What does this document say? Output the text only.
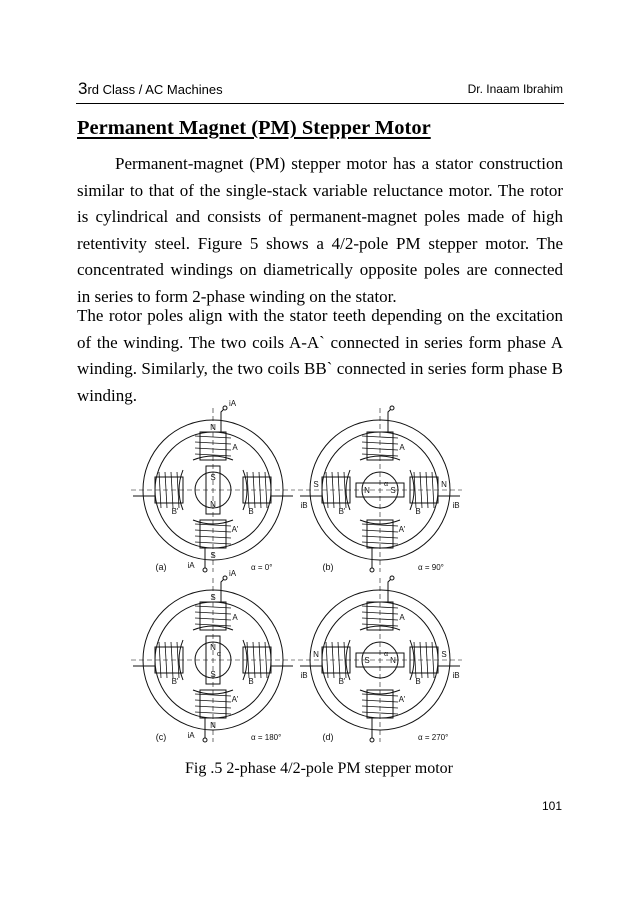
3rd Class / AC Machines	Dr. Inaam Ibrahim
Permanent Magnet (PM) Stepper Motor

Permanent-magnet (PM) stepper motor has a stator construction similar to that of the single-stack variable reluctance motor. The rotor is cylindrical and consists of permanent-magnet poles made of high retentivity steel. Figure 5 shows a 4/2-pole PM stepper motor. The concentrated windings on diametrically opposite poles are connected in series to form 2-phase winding on the stator.

The rotor poles align with the stator teeth depending on the excitation of the winding. The two coils A-A` connected in series form phase A winding. Similarly, the two coils BB` connected in series form phase B winding.

N
S
S
N
A
A'
B
B'
iA
iA
(a)	α = 0°
S	N
N	S
A
A'
B
B'
iB	iB
(b)	α = 90°
α
S
N
N
S
A
A'
B
B'
iA
iA
(c)	α = 180°
α	N	S
S	N
A
A'
B
B'
iB	iB
(d)	α = 270°
α
Fig .5 2-phase 4/2-pole PM stepper motor
101
